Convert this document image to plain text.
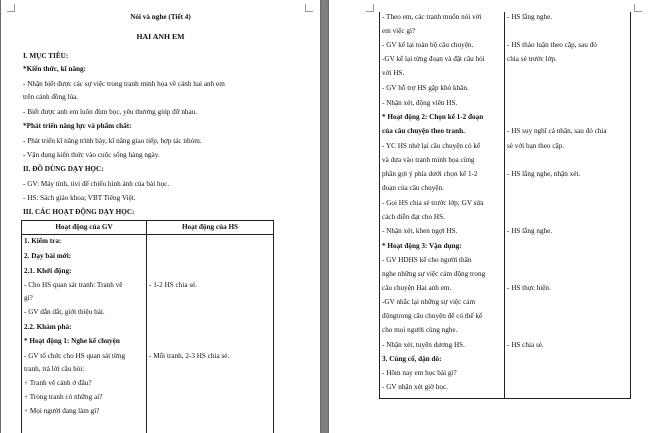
Nói và nghe (Tiết 4)
HAI ANH EM
I. MỤC TIÊU:
*Kiến thức, kĩ năng:
- Nhận biết được các sự việc trong tranh minh họa về cảnh hai anh em
trên cánh đồng lúa.
- Biết được anh em luôn đùm bọc, yêu thương giúp đỡ nhau.
*Phát triển năng lực và phẩm chất:
- Phát triển kĩ năng trình bày, kĩ năng giao tiếp, hợp tác nhóm.
- Vận dụng kiến thức vào cuộc sống hàng ngày.
II. ĐỒ DÙNG DẠY HỌC:
- GV: Máy tính, tivi để chiếu hình ảnh của bài học.
- HS: Sách giáo khoa; VBT Tiếng Việt.
III. CÁC HOẠT ĐỘNG DẠY HỌC:
Hoạt động của GV	Hoạt động của HS
1. Kiểm tra:
2. Dạy bài mới:
2.1. Khởi động:
- Cho HS quan sát tranh: Tranh vẽ
gì?
- GV dẫn dắt, giới thiệu bài.
2.2. Khám phá:
* Hoạt động 1: Nghe kể chuyện
- GV tổ chức cho HS quan sát từng
tranh, trả lời câu hỏi:
+ Tranh vẽ cảnh ở đâu?
+ Trong tranh có những ai?
+ Mọi người đang làm gì?
- 1-2 HS chia sẻ.
- Mỗi tranh, 2-3 HS chia sẻ.
- Theo em, các tranh muốn nói với
em việc gì?
- GV kể lại toàn bộ câu chuyện.
-GV kể lại từng đoạn và đặt câu hỏi
với HS.
- GV hỗ trợ HS gặp khó khăn.
- Nhận xét, động viên HS.
* Hoạt động 2: Chọn kể 1-2 đoạn
của câu chuyện theo tranh.
- YC HS nhớ lại câu chuyện có kể
và dựa vào tranh minh họa cùng
phần gợi ý phía dưới chọn kể 1-2
đoạn của câu chuyện.
- Gọi HS chia sẻ trước lớp; GV sửa
cách diễn đạt cho HS.
- Nhận xét, khen ngợi HS.
* Hoạt động 3: Vận dụng:
- GV HDHS kể cho người thân
nghe những sự việc cảm động trong
câu chuyện Hai anh em.
-GV nhắc lại những sự việc cảm
độngtrong câu chuyện để có thể kể
cho mọi người cùng nghe.
- Nhận xét, tuyên dương HS.
3. Củng cố, dặn dò:
- Hôm nay em học bài gì?
- GV nhận xét giờ học.
- HS lắng nghe.
- HS thảo luận theo cặp, sau đó
chia sẻ trước lớp.
- HS suy nghĩ cá nhân, sau đó chia
sẻ với bạn theo cặp.
- HS lắng nghe, nhận xét.
- HS lắng nghe.
- HS thực hiện.
- HS chia sẻ.
